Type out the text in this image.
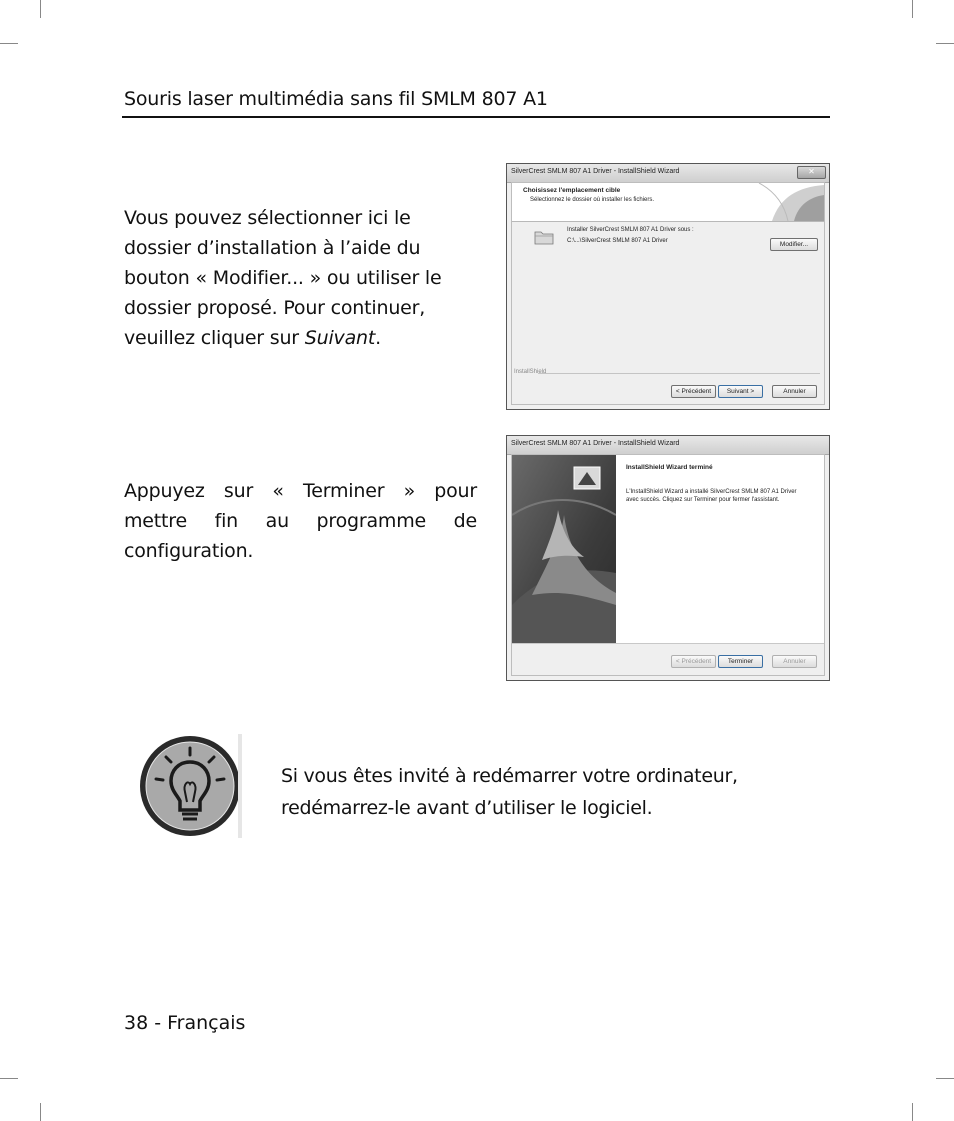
Souris laser multimédia sans fil SMLM 807 A1
Vous pouvez sélectionner ici le dossier d’installation à l’aide du bouton « Modifier... » ou utiliser le dossier proposé. Pour continuer, veuillez cliquer sur Suivant.
SilverCrest SMLM 807 A1 Driver - InstallShield Wizard	✕
Choisissez l'emplacement cible
Sélectionnez le dossier où installer les fichiers.
Installer SilverCrest SMLM 807 A1 Driver sous :
C:\...\SilverCrest SMLM 807 A1 Driver	Modifier...
InstallShield
< Précédent	Suivant >	Annuler
Appuyez sur « Terminer » pour mettre fin au programme de configuration.
SilverCrest SMLM 807 A1 Driver - InstallShield Wizard
InstallShield Wizard terminé
L'InstallShield Wizard a installé SilverCrest SMLM 807 A1 Driver avec succès. Cliquez sur Terminer pour fermer l'assistant.
< Précédent	Terminer	Annuler
Si vous êtes invité à redémarrer votre ordinateur, redémarrez-le avant d’utiliser le logiciel.
38 - Français
